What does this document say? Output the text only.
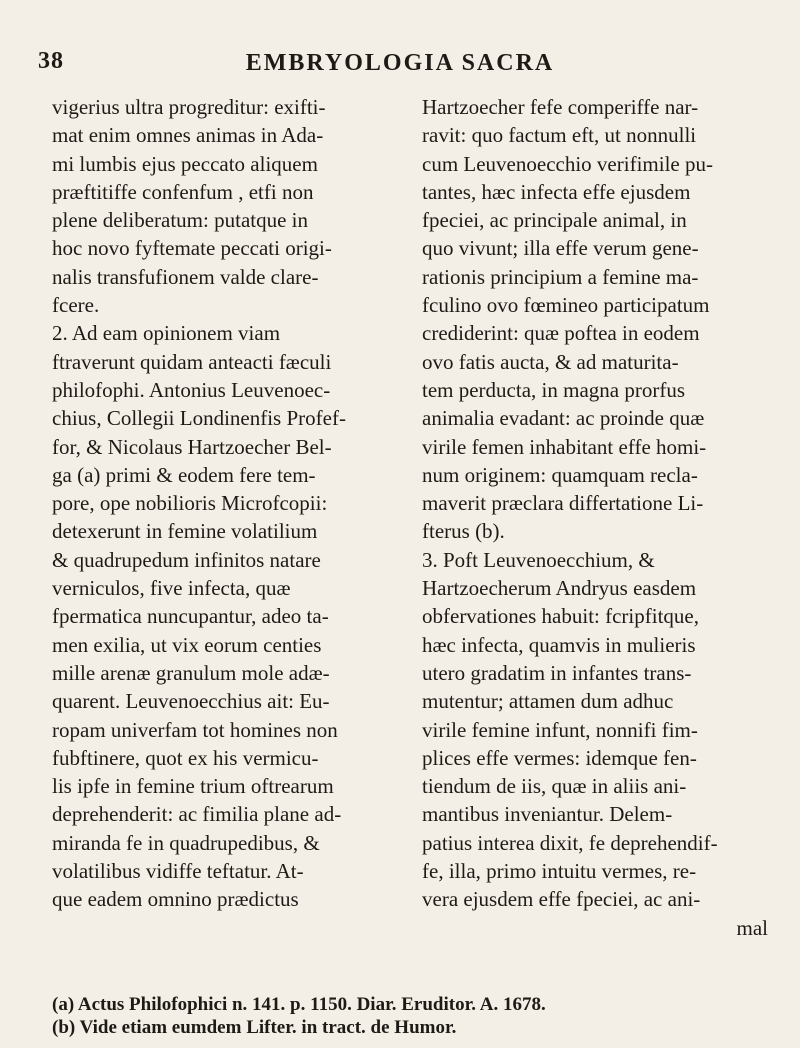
38	EMBRYOLOGIA SACRA
vigerius ultra progreditur: exifti-
mat enim omnes animas in Ada-
mi lumbis ejus peccato aliquem
præftitiffe confenfum , etfi non
plene deliberatum: putatque in
hoc novo fyftemate peccati origi-
nalis transfufionem valde clare-
fcere.
2. Ad eam opinionem viam
ftraverunt quidam anteacti fæculi
philofophi. Antonius Leuvenoec-
chius, Collegii Londinenfis Profef-
for, & Nicolaus Hartzoecher Bel-
ga (a) primi & eodem fere tem-
pore, ope nobilioris Microfcopii:
detexerunt in femine volatilium
& quadrupedum infinitos natare
verniculos, five infecta, quæ
fpermatica nuncupantur, adeo ta-
men exilia, ut vix eorum centies
mille arenæ granulum mole adæ-
quarent. Leuvenoecchius ait: Eu-
ropam univerfam tot homines non
fubftinere, quot ex his vermicu-
lis ipfe in femine trium oftrearum
deprehenderit: ac fimilia plane ad-
miranda fe in quadrupedibus, &
volatilibus vidiffe teftatur. At-
que eadem omnino prædictus
Hartzoecher fefe comperiffe nar-
ravit: quo factum eft, ut nonnulli
cum Leuvenoecchio verifimile pu-
tantes, hæc infecta effe ejusdem
fpeciei, ac principale animal, in
quo vivunt; illa effe verum gene-
rationis principium a femine ma-
fculino ovo fœmineo participatum
crediderint: quæ poftea in eodem
ovo fatis aucta, & ad maturita-
tem perducta, in magna prorfus
animalia evadant: ac proinde quæ
virile femen inhabitant effe homi-
num originem: quamquam recla-
maverit præclara differtatione Li-
fterus (b).
3. Poft Leuvenoecchium, &
Hartzoecherum Andryus easdem
obfervationes habuit: fcripfitque,
hæc infecta, quamvis in mulieris
utero gradatim in infantes trans-
mutentur; attamen dum adhuc
virile femine infunt, nonnifi fim-
plices effe vermes: idemque fen-
tiendum de iis, quæ in aliis ani-
mantibus inveniantur. Delem-
patius interea dixit, fe deprehendif-
fe, illa, primo intuitu vermes, re-
vera ejusdem effe fpeciei, ac ani-
mal
(a) Actus Philofophici n. 141. p. 1150. Diar. Eruditor. A. 1678.
(b) Vide etiam eumdem Lifter. in tract. de Humor.
